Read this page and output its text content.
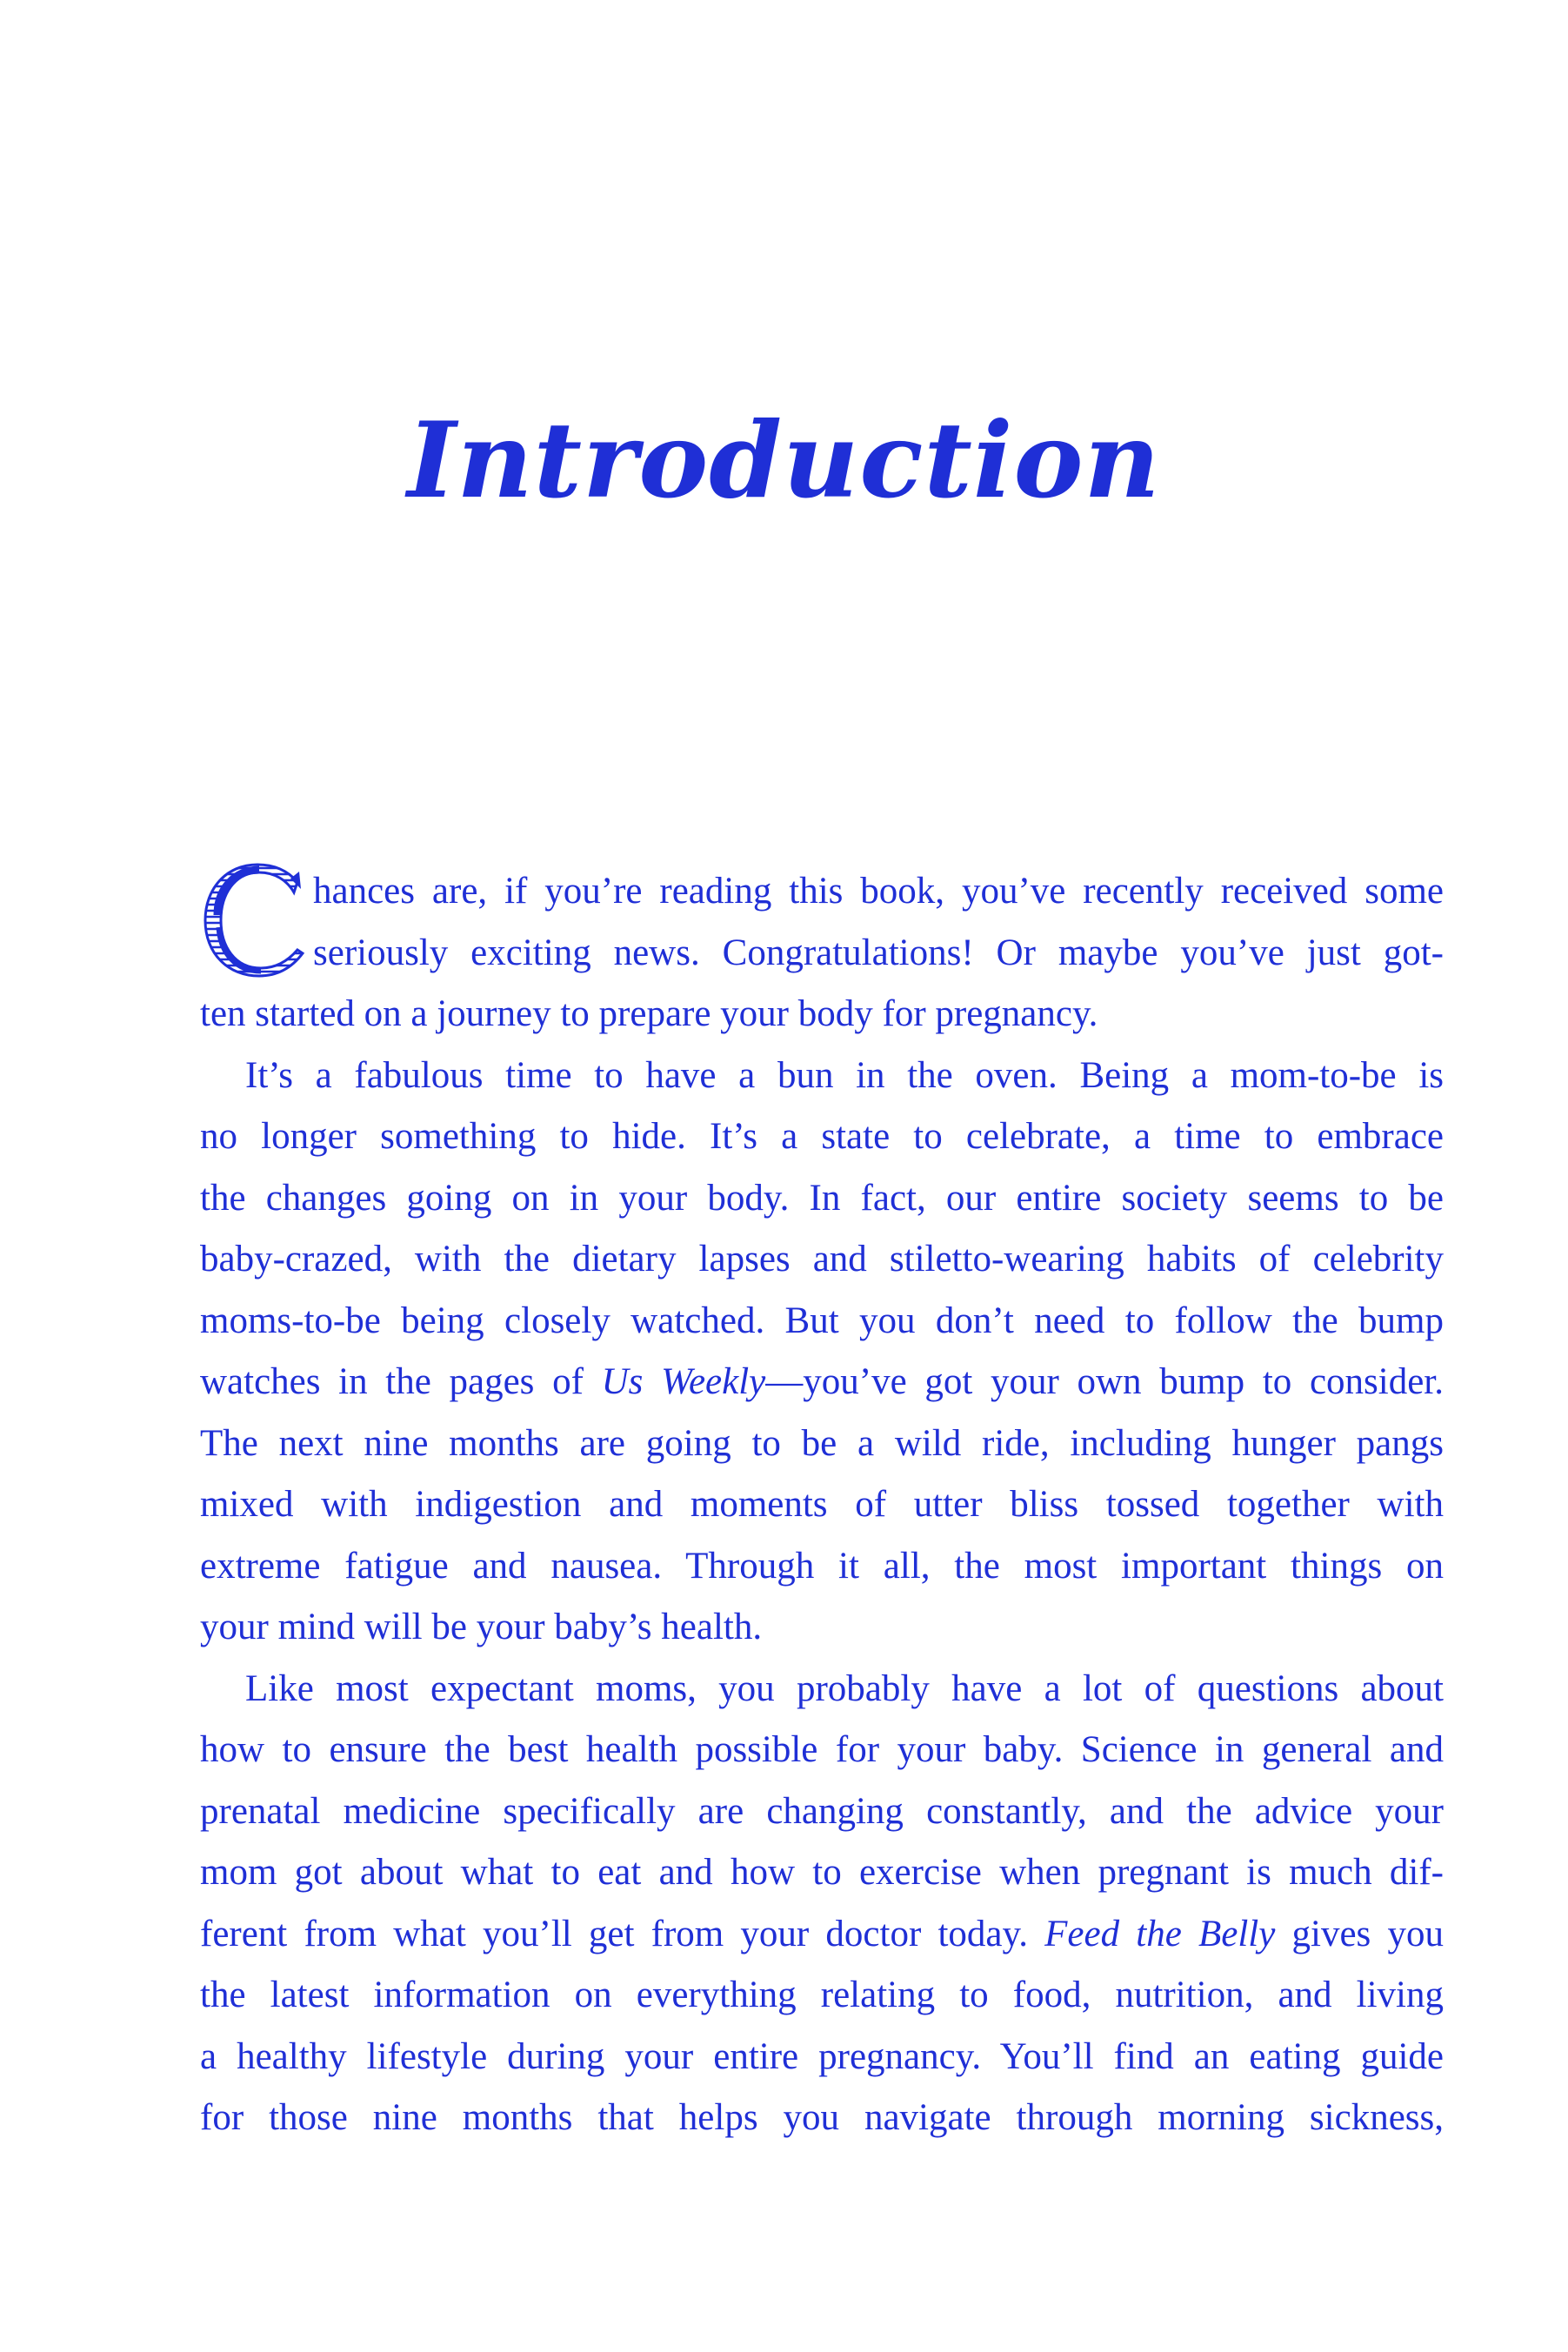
Introduction
hances are, if you’re reading this book, you’ve recently received some
seriously exciting news. Congratulations! Or maybe you’ve just got-
ten started on a journey to prepare your body for pregnancy.
It’s a fabulous time to have a bun in the oven. Being a mom-to-be is
no longer something to hide. It’s a state to celebrate, a time to embrace
the changes going on in your body. In fact, our entire society seems to be
baby-crazed, with the dietary lapses and stiletto-wearing habits of celebrity
moms-to-be being closely watched. But you don’t need to follow the bump
watches in the pages of Us Weekly—you’ve got your own bump to consider.
The next nine months are going to be a wild ride, including hunger pangs
mixed with indigestion and moments of utter bliss tossed together with
extreme fatigue and nausea. Through it all, the most important things on
your mind will be your baby’s health.
Like most expectant moms, you probably have a lot of questions about
how to ensure the best health possible for your baby. Science in general and
prenatal medicine specifically are changing constantly, and the advice your
mom got about what to eat and how to exercise when pregnant is much dif-
ferent from what you’ll get from your doctor today. Feed the Belly gives you
the latest information on everything relating to food, nutrition, and living
a healthy lifestyle during your entire pregnancy. You’ll find an eating guide
for those nine months that helps you navigate through morning sickness,
